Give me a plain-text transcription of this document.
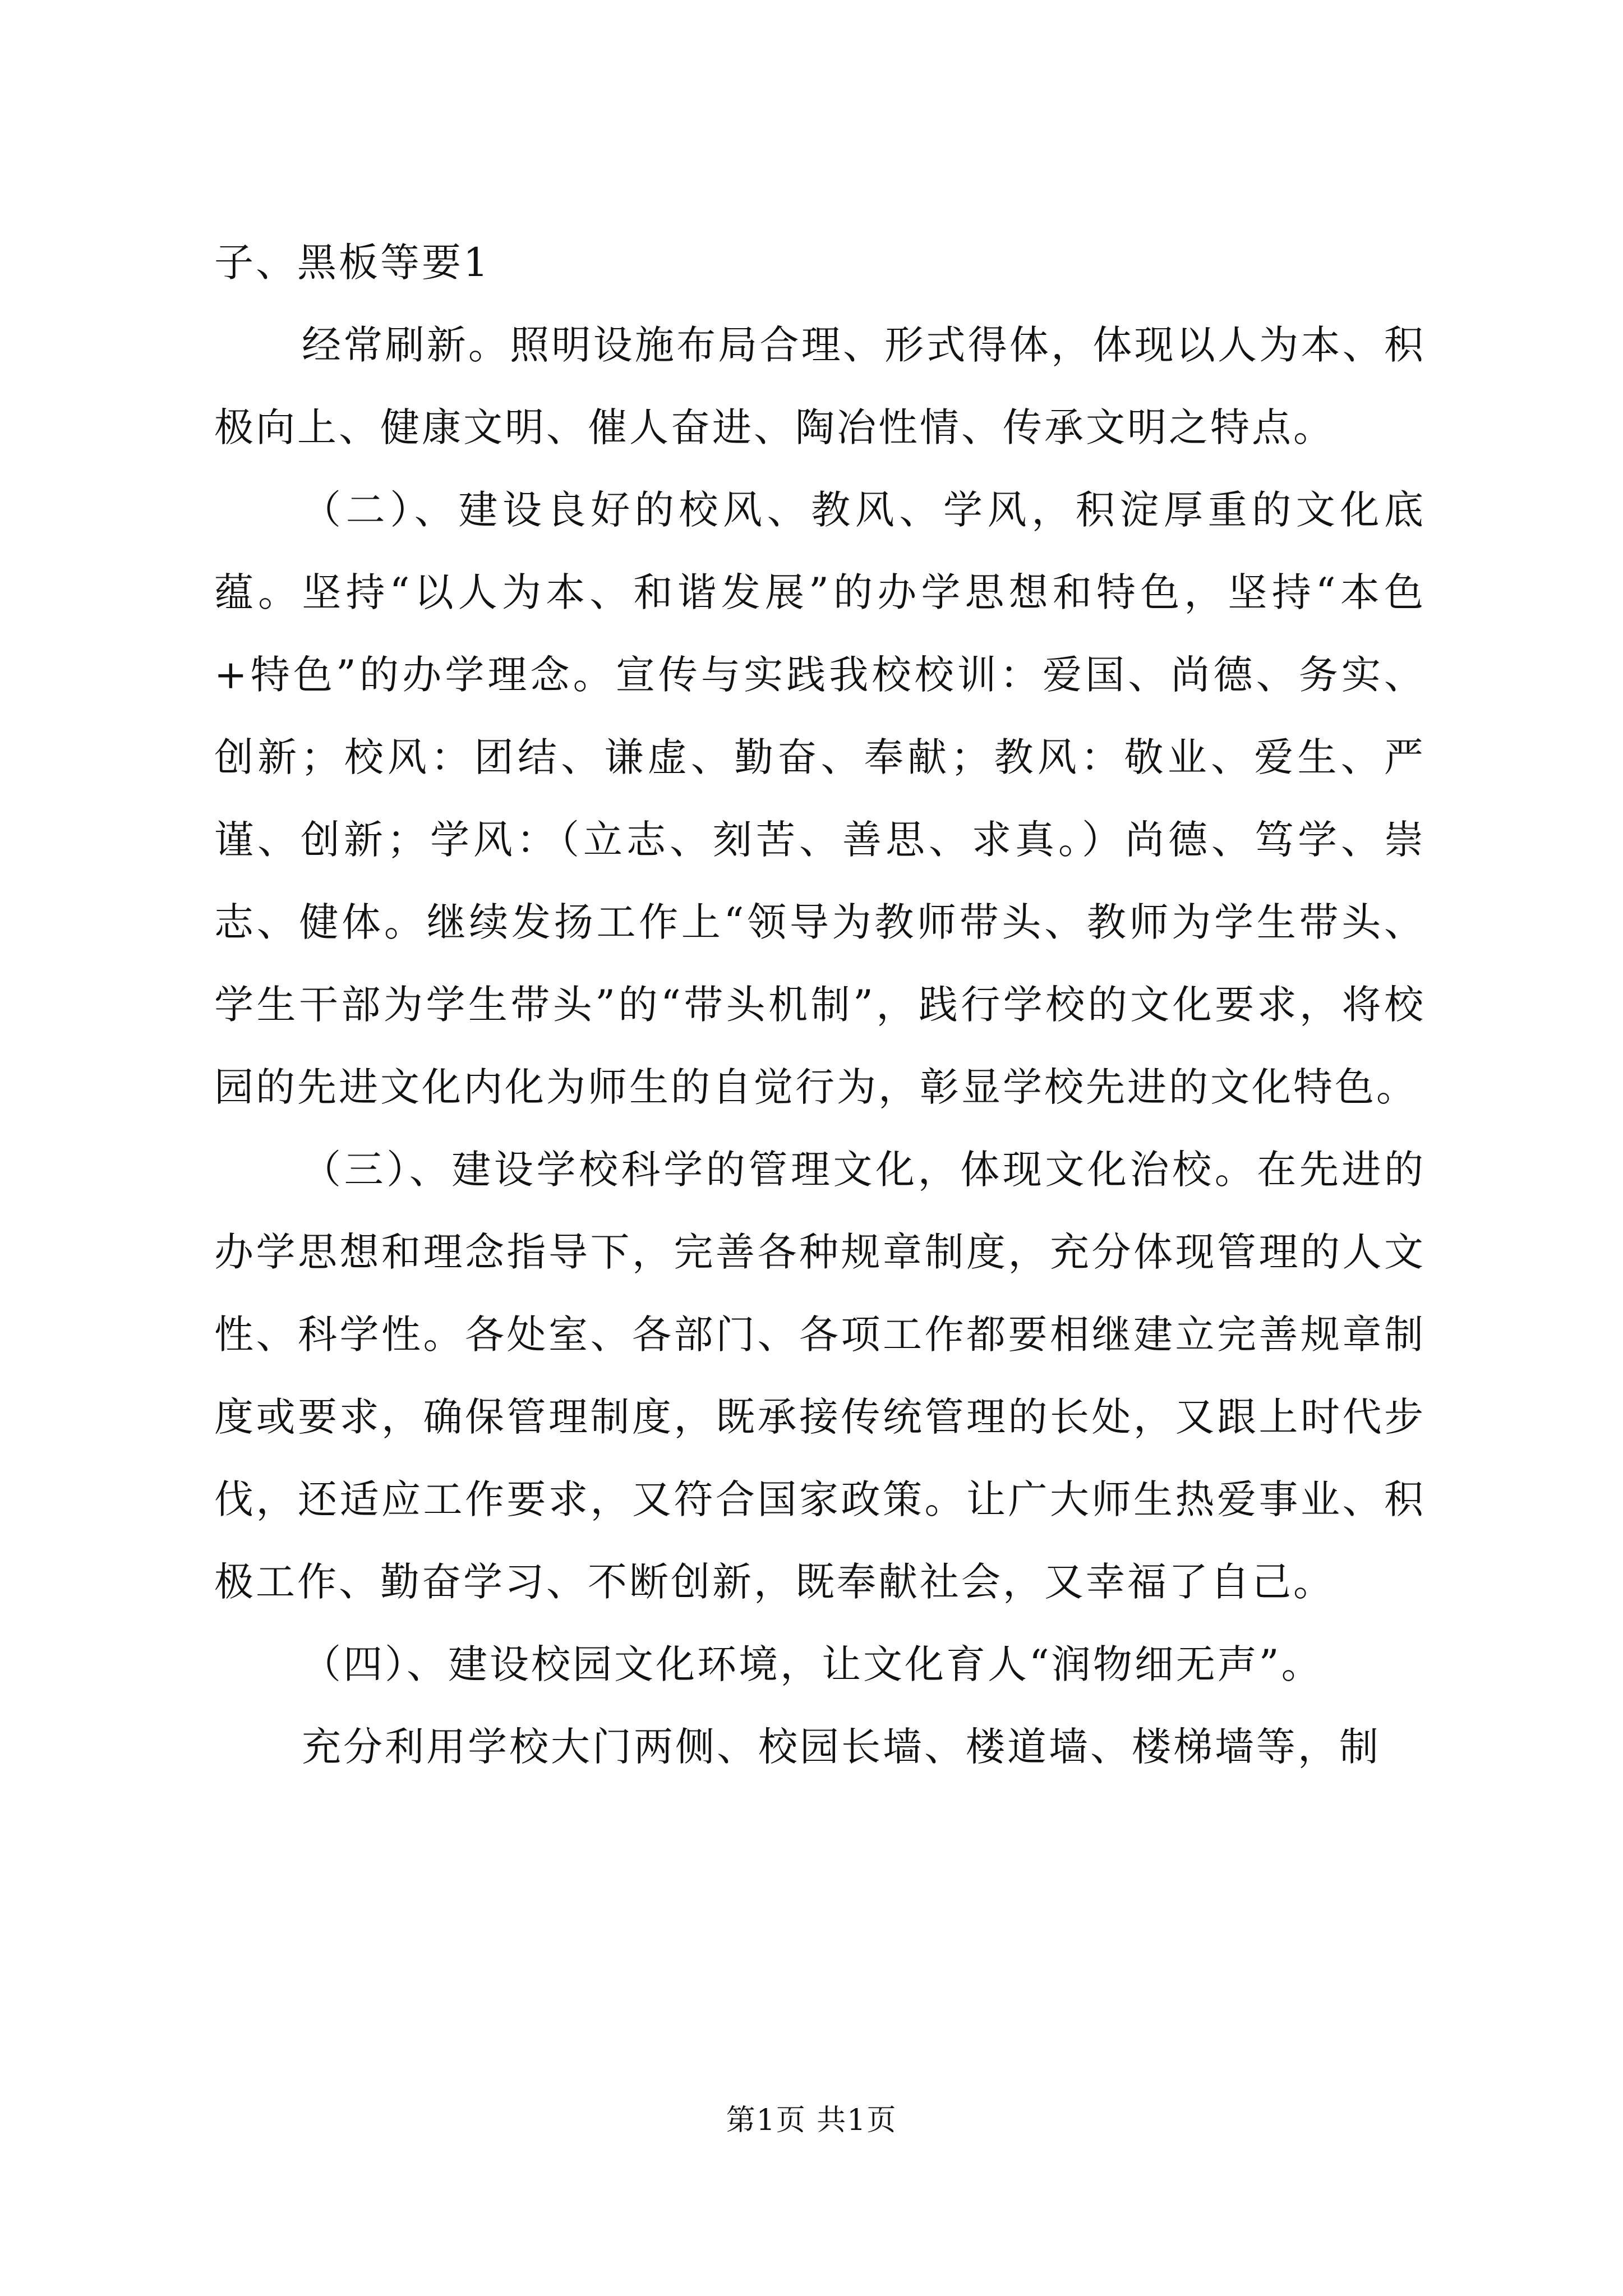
子、黑板等要1

经常刷新。照明设施布局合理、形式得体，体现以人为本、积极向上、健康文明、催人奋进、陶冶性情、传承文明之特点。

（二）、建设良好的校风、教风、学风，积淀厚重的文化底蕴。坚持“以人为本、和谐发展”的办学思想和特色，坚持“本色+特色”的办学理念。宣传与实践我校校训：爱国、尚德、务实、创新；校风：团结、谦虚、勤奋、奉献；教风：敬业、爱生、严谨、创新；学风：（立志、刻苦、善思、求真。）尚德、笃学、崇志、健体。继续发扬工作上“领导为教师带头、教师为学生带头、学生干部为学生带头”的“带头机制”，践行学校的文化要求，将校园的先进文化内化为师生的自觉行为，彰显学校先进的文化特色。

（三）、建设学校科学的管理文化，体现文化治校。在先进的办学思想和理念指导下，完善各种规章制度，充分体现管理的人文性、科学性。各处室、各部门、各项工作都要相继建立完善规章制度或要求，确保管理制度，既承接传统管理的长处，又跟上时代步伐，还适应工作要求，又符合国家政策。让广大师生热爱事业、积极工作、勤奋学习、不断创新，既奉献社会，又幸福了自己。

（四）、建设校园文化环境，让文化育人“润物细无声”。

充分利用学校大门两侧、校园长墙、楼道墙、楼梯墙等，制

第1页 共1页
